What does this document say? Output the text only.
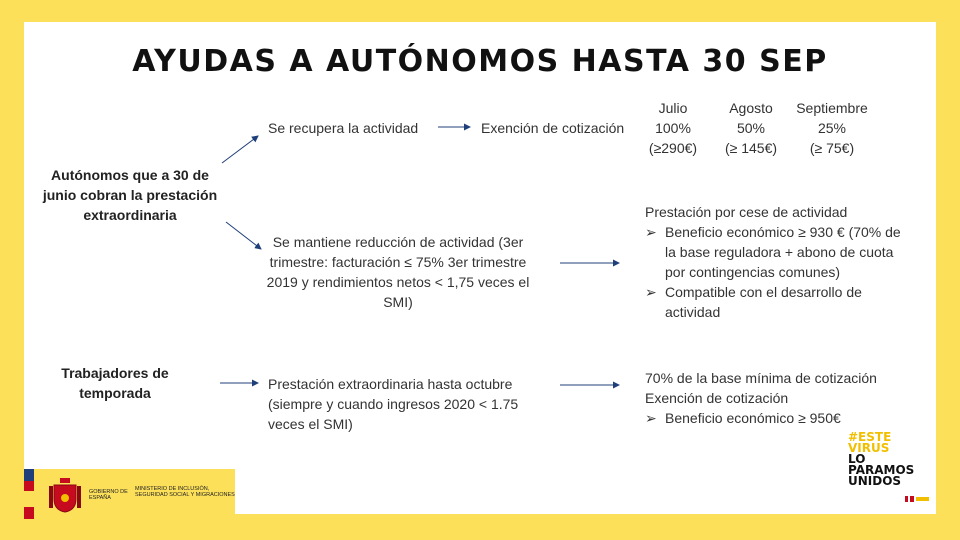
AYUDAS A AUTÓNOMOS HASTA 30 SEP
Autónomos que a 30 de junio cobran la prestación extraordinaria
Se recupera la actividad	Exención de cotización
Julio
100%
(≥290€)
Agosto
50%
(≥ 145€)
Septiembre
25%
(≥ 75€)
Se mantiene reducción de actividad (3er trimestre: facturación ≤ 75% 3er trimestre 2019 y rendimientos netos < 1,75 veces el SMI)
Prestación por cese de actividad
➢ Beneficio económico ≥ 930 € (70% de la base reguladora + abono de cuota por contingencias comunes)
➢ Compatible con el desarrollo de actividad
Trabajadores de temporada
Prestación extraordinaria hasta octubre (siempre y cuando ingresos 2020 < 1.75 veces el SMI)
70% de la base mínima de cotización
Exención de cotización
➢ Beneficio económico ≥ 950€
GOBIERNO DE ESPAÑA
MINISTERIO DE INCLUSIÓN, SEGURIDAD SOCIAL Y MIGRACIONES
#ESTE
VIRUS
LO
PARAMOS
UNIDOS
